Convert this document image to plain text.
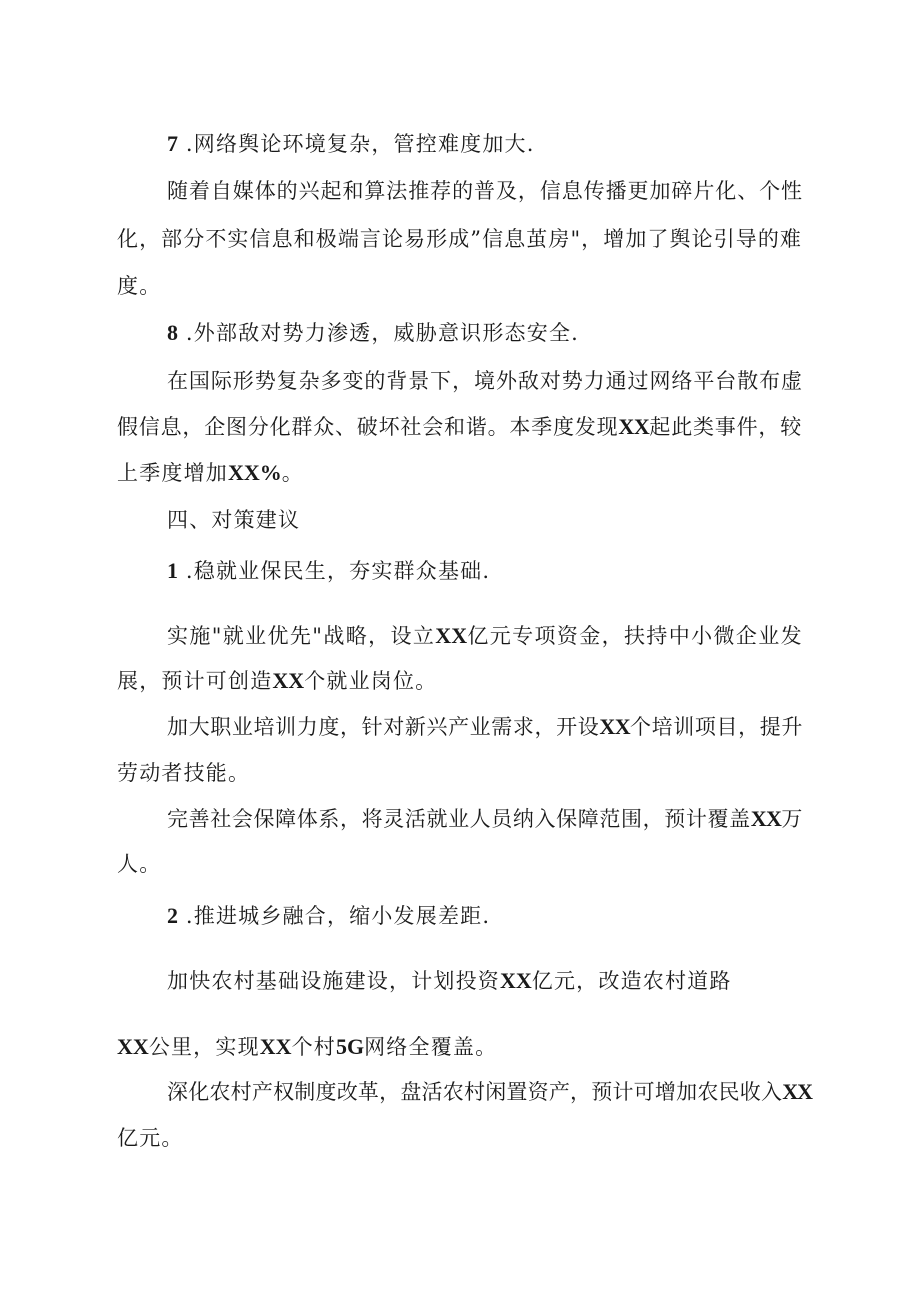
7 .网络舆论环境复杂，管控难度加大.
随着自媒体的兴起和算法推荐的普及，信息传播更加碎片化、个性
化，部分不实信息和极端言论易形成”信息茧房"，增加了舆论引导的难
度。
8 .外部敌对势力渗透，威胁意识形态安全.
在国际形势复杂多变的背景下，境外敌对势力通过网络平台散布虚
假信息，企图分化群众、破坏社会和谐。本季度发现XX起此类事件，较
上季度增加XX%。
四、对策建议
1 .稳就业保民生，夯实群众基础.
实施"就业优先"战略，设立XX亿元专项资金，扶持中小微企业发
展，预计可创造XX个就业岗位。
加大职业培训力度，针对新兴产业需求，开设XX个培训项目，提升
劳动者技能。
完善社会保障体系，将灵活就业人员纳入保障范围，预计覆盖XX万
人。
2 .推进城乡融合，缩小发展差距.
加快农村基础设施建设，计划投资XX亿元，改造农村道路
XX公里，实现XX个村5G网络全覆盖。
深化农村产权制度改革，盘活农村闲置资产，预计可增加农民收入XX
亿元。
